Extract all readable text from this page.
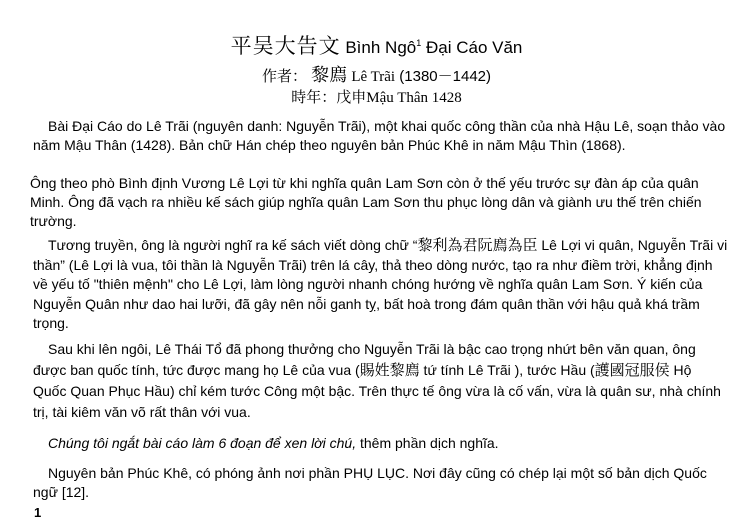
平吴大告文 Bình Ngô$^1$ Đại Cáo Văn
作者： 黎廌 Lê Trãi (1380－1442)
時年：戊申Mậu Thân 1428

Bài Đại Cáo do Lê Trãi (nguyên danh: Nguyễn Trãi), một khai quốc công thần của nhà Hậu Lê, soạn thảo vào năm Mậu Thân (1428). Bản chữ Hán chép theo nguyên bản Phúc Khê in năm Mậu Thìn (1868).

Ông theo phò Bình định Vương Lê Lợi từ khi nghĩa quân Lam Sơn còn ở thế yếu trước sự đàn áp của quân Minh. Ông đã vạch ra nhiều kế sách giúp nghĩa quân Lam Sơn thu phục lòng dân và giành ưu thế trên chiến trường.

Tương truyền, ông là người nghĩ ra kế sách viết dòng chữ “黎利為君阮廌為臣 Lê Lợi vi quân, Nguyễn Trãi vi thần” (Lê Lợi là vua, tôi thần là Nguyễn Trãi) trên lá cây, thả theo dòng nước, tạo ra như điềm trời, khẳng định về yếu tố "thiên mệnh" cho Lê Lợi, làm lòng người nhanh chóng hướng về nghĩa quân Lam Sơn. Ý kiến của Nguyễn Quân như dao hai lưỡi, đã gây nên nỗi ganh tỵ, bất hoà trong đám quân thần với hậu quả khá trầm trọng.

Sau khi lên ngôi, Lê Thái Tổ đã phong thưởng cho Nguyễn Trãi là bậc cao trọng nhứt bên văn quan, ông được ban quốc tính, tức được mang họ Lê của vua (賜姓黎廌 tứ tính Lê Trãi ), tước Hầu (護國冠服侯 Hộ Quốc Quan Phục Hầu) chỉ kém tước Công một bậc. Trên thực tế ông vừa là cố vấn, vừa là quân sư, nhà chính trị, tài kiêm văn võ rất thân với vua.

Chúng tôi ngắt bài cáo làm 6 đoạn để xen lời chú, thêm phần dịch nghĩa.

Nguyên bản Phúc Khê, có phóng ảnh nơi phần PHỤ LỤC. Nơi đây cũng có chép lại một số bản dịch Quốc ngữ [12].

1
